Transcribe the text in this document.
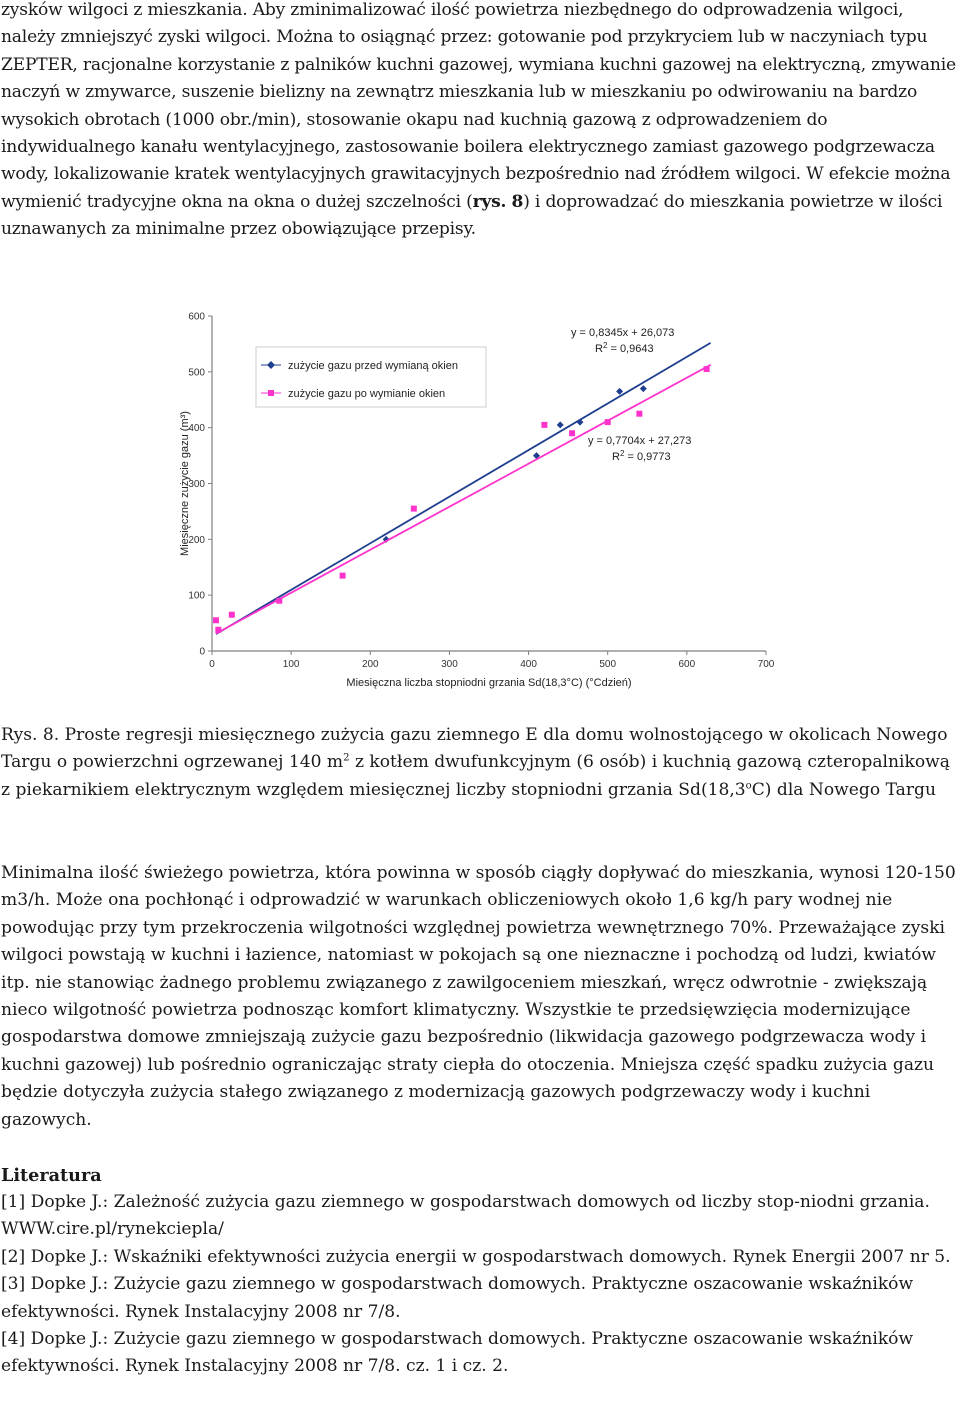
zysków wilgoci z mieszkania. Aby zminimalizować ilość powietrza niezbędnego do odprowadzenia wilgoci, należy zmniejszyć zyski wilgoci. Można to osiągnąć przez: gotowanie pod przykryciem lub w naczyniach typu ZEPTER, racjonalne korzystanie z palników kuchni gazowej, wymiana kuchni gazowej na elektryczną, zmywanie naczyń w zmywarce, suszenie bielizny na zewnątrz mieszkania lub w mieszkaniu po odwirowaniu na bardzo wysokich obrotach (1000 obr./min), stosowanie okapu nad kuchnią gazową z odprowadzeniem do indywidualnego kanału wentylacyjnego, zastosowanie boilera elektrycznego zamiast gazowego podgrzewacza wody, lokalizowanie kratek wentylacyjnych grawitacyjnych bezpośrednio nad źródłem wilgoci. W efekcie można wymienić tradycyjne okna na okna o dużej szczelności (rys. 8) i doprowadzać do mieszkania powietrze w ilości uznawanych za minimalne przez obowiązujące przepisy.

0	100	200	300	400	500	600	700
0
100
200
300
400
500
600
Miesięczna liczba stopniodni grzania Sd(18,3°C) (°Cdzień)
Miesięczne zużycie gazu (m³)
y = 0,8345x + 26,073
$R^2 = 0,9643$
y = 0,7704x + 27,273
$R^2 = 0,9773$
zużycie gazu przed wymianą okien
zużycie gazu po wymianie okien

Rys. 8. Proste regresji miesięcznego zużycia gazu ziemnego E dla domu wolnostojącego w okolicach Nowego Targu o powierzchni ogrzewanej 140 $m^2$ z kotłem dwufunkcyjnym (6 osób) i kuchnią gazową czteropalnikową z piekarnikiem elektrycznym względem miesięcznej liczby stopniodni grzania Sd(18,3$^o$C) dla Nowego Targu

Minimalna ilość świeżego powietrza, która powinna w sposób ciągły dopływać do mieszkania, wynosi 120-150 m3/h. Może ona pochłonąć i odprowadzić w warunkach obliczeniowych około 1,6 kg/h pary wodnej nie powodując przy tym przekroczenia wilgotności względnej powietrza wewnętrznego 70%. Przeważające zyski wilgoci powstają w kuchni i łazience, natomiast w pokojach są one nieznaczne i pochodzą od ludzi, kwiatów itp. nie stanowiąc żadnego problemu związanego z zawilgoceniem mieszkań, wręcz odwrotnie - zwiększają nieco wilgotność powietrza podnosząc komfort klimatyczny. Wszystkie te przedsięwzięcia modernizujące gospodarstwa domowe zmniejszają zużycie gazu bezpośrednio (likwidacja gazowego podgrzewacza wody i kuchni gazowej) lub pośrednio ograniczając straty ciepła do otoczenia. Mniejsza część spadku zużycia gazu będzie dotyczyła zużycia stałego związanego z modernizacją gazowych podgrzewaczy wody i kuchni gazowych.

Literatura

[1] Dopke J.: Zależność zużycia gazu ziemnego w gospodarstwach domowych od liczby stop-niodni grzania. WWW.cire.pl/rynekciepla/

[2] Dopke J.: Wskaźniki efektywności zużycia energii w gospodarstwach domowych. Rynek Energii 2007 nr 5.

[3] Dopke J.: Zużycie gazu ziemnego w gospodarstwach domowych. Praktyczne oszacowanie wskaźników efektywności. Rynek Instalacyjny 2008 nr 7/8.

[4] Dopke J.: Zużycie gazu ziemnego w gospodarstwach domowych. Praktyczne oszacowanie wskaźników efektywności. Rynek Instalacyjny 2008 nr 7/8. cz. 1 i cz. 2.
